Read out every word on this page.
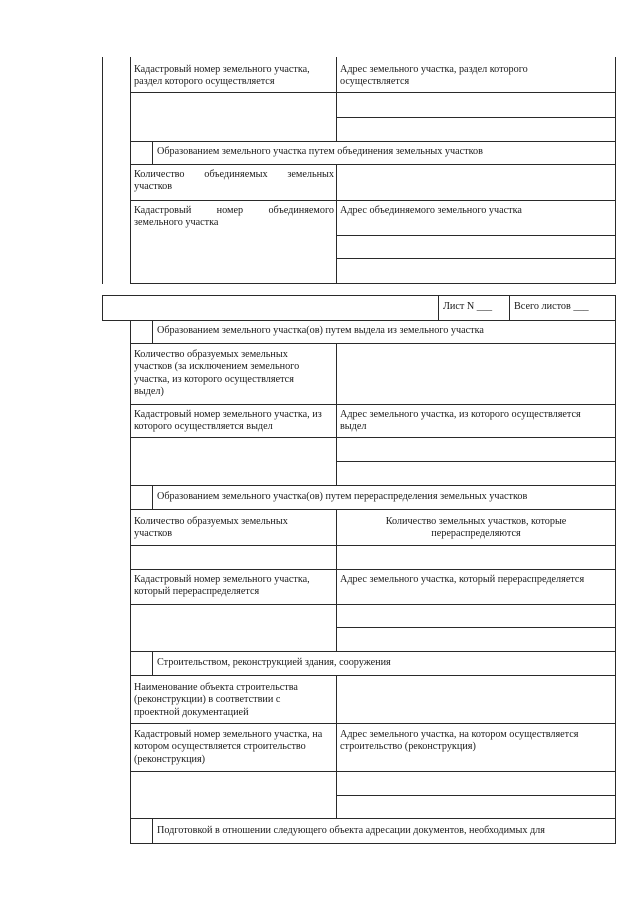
Кадастровый номер земельного участка,
раздел которого осуществляется
Адрес земельного участка, раздел которого
осуществляется
Образованием земельного участка путем объединения земельных участков
Количество объединяемых земельных
участков
Кадастровый номер объединяемого
земельного участка
Адрес объединяемого земельного участка
Лист N ___	Всего листов ___
Образованием земельного участка(ов) путем выдела из земельного участка
Количество образуемых земельных
участков (за исключением земельного
участка, из которого осуществляется
выдел)
Кадастровый номер земельного участка, из
которого осуществляется выдел
Адрес земельного участка, из которого осуществляется
выдел
Образованием земельного участка(ов) путем перераспределения земельных участков
Количество образуемых земельных
участков
Количество земельных участков, которые
перераспределяются
Кадастровый номер земельного участка,
который перераспределяется
Адрес земельного участка, который перераспределяется
Строительством, реконструкцией здания, сооружения
Наименование объекта строительства
(реконструкции) в соответствии с
проектной документацией
Кадастровый номер земельного участка, на
котором осуществляется строительство
(реконструкция)
Адрес земельного участка, на котором осуществляется
строительство (реконструкция)
Подготовкой в отношении следующего объекта адресации документов, необходимых для
